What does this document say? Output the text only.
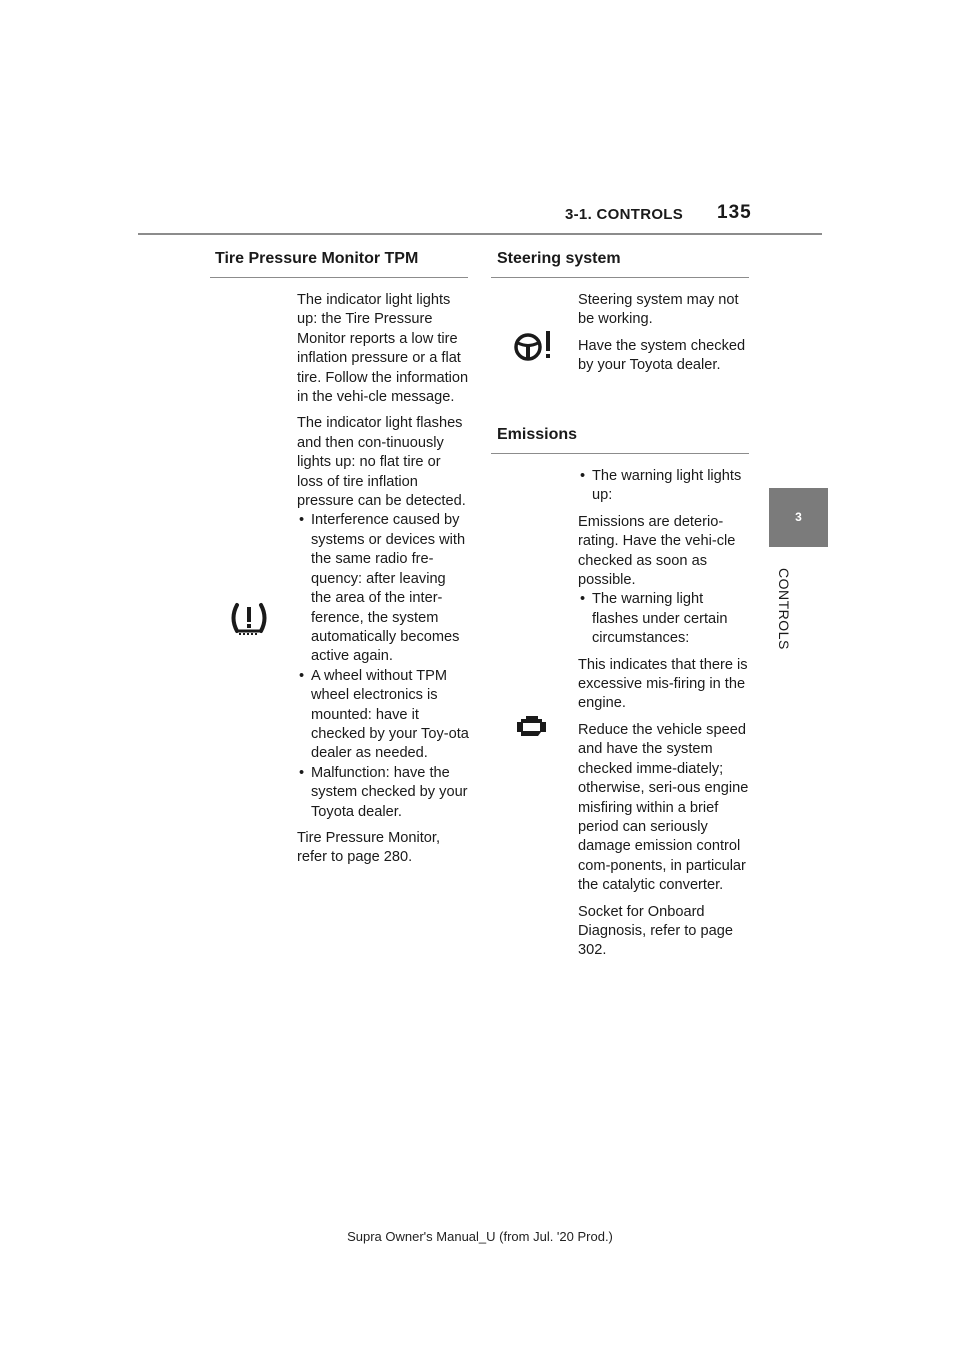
3-1. CONTROLS 135
3
CONTROLS
Tire Pressure Monitor TPM

The indicator light lights up: the Tire Pressure Monitor reports a low tire inflation pressure or a flat tire. Follow the information in the vehi-cle message.

The indicator light flashes and then con-tinuously lights up: no flat tire or loss of tire inflation pressure can be detected.

• Interference caused by systems or devices with the same radio fre-quency: after leaving the area of the inter-ference, the system automatically becomes active again.
• A wheel without TPM wheel electronics is mounted: have it checked by your Toy-ota dealer as needed.
• Malfunction: have the system checked by your Toyota dealer.

Tire Pressure Monitor, refer to page 280.

Steering system

Steering system may not be working.

Have the system checked by your Toyota dealer.

Emissions
• The warning light lights up:

Emissions are deterio-rating. Have the vehi-cle checked as soon as possible.

• The warning light flashes under certain circumstances:

This indicates that there is excessive mis-firing in the engine.

Reduce the vehicle speed and have the system checked imme-diately; otherwise, seri-ous engine misfiring within a brief period can seriously damage emission control com-ponents, in particular the catalytic converter.

Socket for Onboard Diagnosis, refer to page 302.

Supra Owner's Manual_U (from Jul. '20 Prod.)
